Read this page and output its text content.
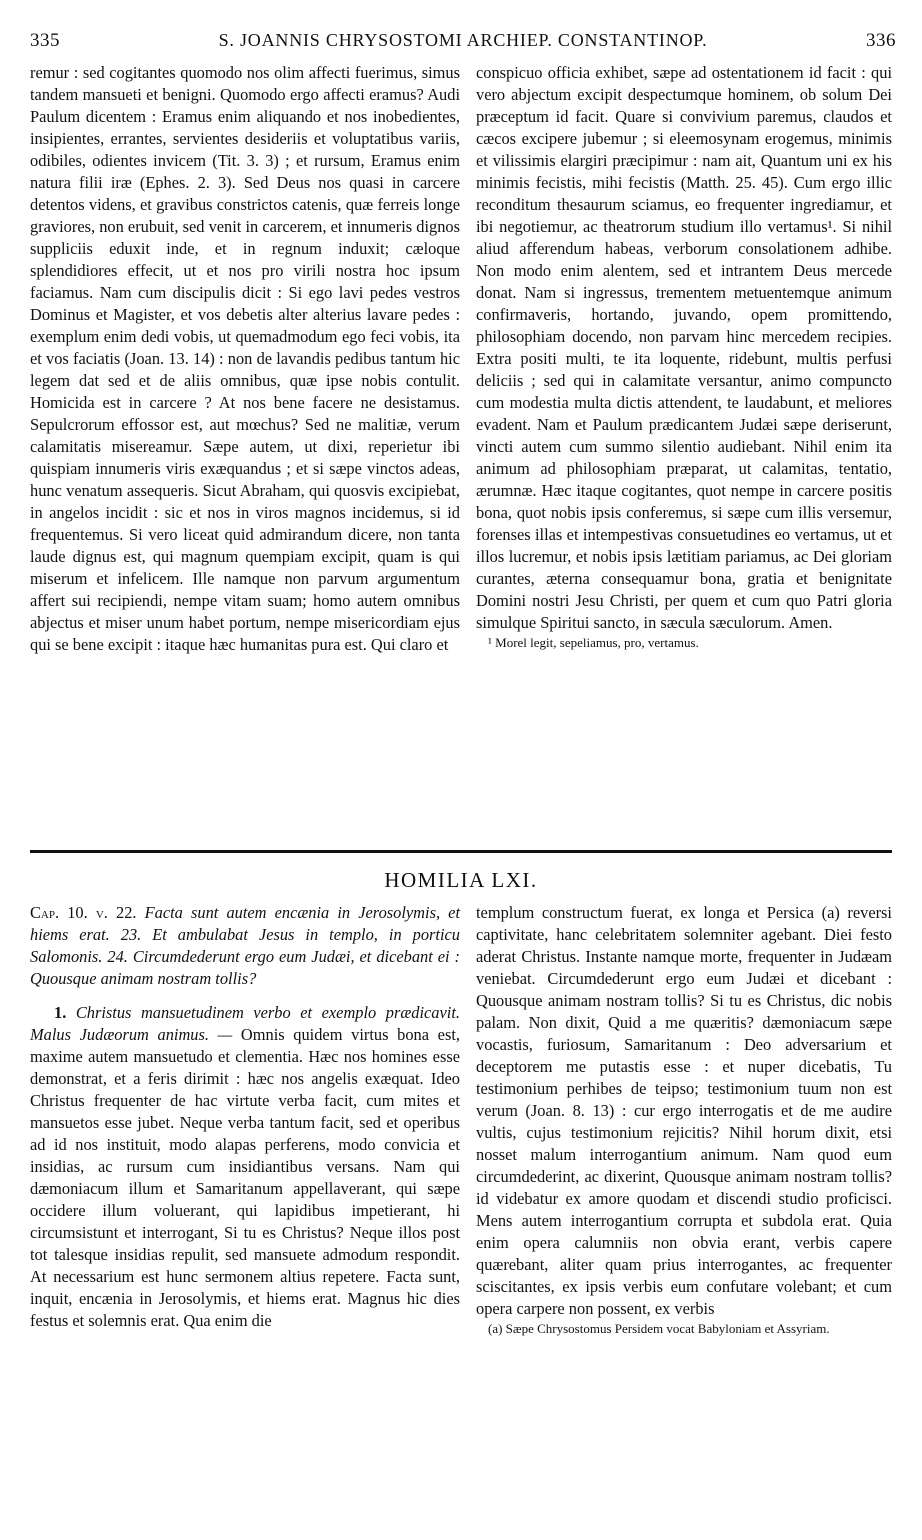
335	S. JOANNIS CHRYSOSTOMI ARCHIEP. CONSTANTINOP.	336

remur : sed cogitantes quomodo nos olim affecti fuerimus, simus tandem mansueti et benigni. Quomodo ergo affecti eramus? Audi Paulum dicentem : Eramus enim aliquando et nos inobedientes, insipientes, errantes, servientes desideriis et voluptatibus variis, odibiles, odientes invicem (Tit. 3. 3) ; et rursum, Eramus enim natura filii iræ (Ephes. 2. 3). Sed Deus nos quasi in carcere detentos videns, et gravibus constrictos catenis, quæ ferreis longe graviores, non erubuit, sed venit in carcerem, et innumeris dignos suppliciis eduxit inde, et in regnum induxit; cæloque splendidiores effecit, ut et nos pro virili nostra hoc ipsum faciamus. Nam cum discipulis dicit : Si ego lavi pedes vestros Dominus et Magister, et vos debetis alter alterius lavare pedes : exemplum enim dedi vobis, ut quemadmodum ego feci vobis, ita et vos faciatis (Joan. 13. 14) : non de lavandis pedibus tantum hic legem dat sed et de aliis omnibus, quæ ipse nobis contulit. Homicida est in carcere ? At nos bene facere ne desistamus. Sepulcrorum effossor est, aut mœchus? Sed ne malitiæ, verum calamitatis misereamur. Sæpe autem, ut dixi, reperietur ibi quispiam innumeris viris exæquandus ; et si sæpe vinctos adeas, hunc venatum assequeris. Sicut Abraham, qui quosvis excipiebat, in angelos incidit : sic et nos in viros magnos incidemus, si id frequentemus. Si vero liceat quid admirandum dicere, non tanta laude dignus est, qui magnum quempiam excipit, quam is qui miserum et infelicem. Ille namque non parvum argumentum affert sui recipiendi, nempe vitam suam; homo autem omnibus abjectus et miser unum habet portum, nempe misericordiam ejus qui se bene excipit : itaque hæc humanitas pura est. Qui claro et

conspicuo officia exhibet, sæpe ad ostentationem id facit : qui vero abjectum excipit despectumque hominem, ob solum Dei præceptum id facit. Quare si convivium paremus, claudos et cæcos excipere jubemur ; si eleemosynam erogemus, minimis et vilissimis elargiri præcipimur : nam ait, Quantum uni ex his minimis fecistis, mihi fecistis (Matth. 25. 45). Cum ergo illic reconditum thesaurum sciamus, eo frequenter ingrediamur, et ibi negotiemur, ac theatrorum studium illo vertamus¹. Si nihil aliud afferendum habeas, verborum consolationem adhibe. Non modo enim alentem, sed et intrantem Deus mercede donat. Nam si ingressus, trementem metuentemque animum confirmaveris, hortando, juvando, opem promittendo, philosophiam docendo, non parvam hinc mercedem recipies. Extra positi multi, te ita loquente, ridebunt, multis perfusi deliciis ; sed qui in calamitate versantur, animo compuncto cum modestia multa dictis attendent, te laudabunt, et meliores evadent. Nam et Paulum prædicantem Judæi sæpe deriserunt, vincti autem cum summo silentio audiebant. Nihil enim ita animum ad philosophiam præparat, ut calamitas, tentatio, ærumnæ. Hæc itaque cogitantes, quot nempe in carcere positis bona, quot nobis ipsis conferemus, si sæpe cum illis versemur, forenses illas et intempestivas consuetudines eo vertamus, ut et illos lucremur, et nobis ipsis lætitiam pariamus, ac Dei gloriam curantes, æterna consequamur bona, gratia et benignitate Domini nostri Jesu Christi, per quem et cum quo Patri gloria simulque Spiritui sancto, in sæcula sæculorum. Amen.

¹ Morel legit, sepeliamus, pro, vertamus.

HOMILIA LXI.

Cap. 10. v. 22. Facta sunt autem encænia in Jerosolymis, et hiems erat. 23. Et ambulabat Jesus in templo, in porticu Salomonis. 24. Circumdederunt ergo eum Judæi, et dicebant ei : Quousque animam nostram tollis?

1. Christus mansuetudinem verbo et exemplo prædicavit. Malus Judæorum animus. — Omnis quidem virtus bona est, maxime autem mansuetudo et clementia. Hæc nos homines esse demonstrat, et a feris dirimit : hæc nos angelis exæquat. Ideo Christus frequenter de hac virtute verba facit, cum mites et mansuetos esse jubet. Neque verba tantum facit, sed et operibus ad id nos instituit, modo alapas perferens, modo convicia et insidias, ac rursum cum insidiantibus versans. Nam qui dæmoniacum illum et Samaritanum appellaverant, qui sæpe occidere illum voluerant, qui lapidibus impetierant, hi circumsistunt et interrogant, Si tu es Christus? Neque illos post tot talesque insidias repulit, sed mansuete admodum respondit. At necessarium est hunc sermonem altius repetere. Facta sunt, inquit, encænia in Jerosolymis, et hiems erat. Magnus hic dies festus et solemnis erat. Qua enim die

templum constructum fuerat, ex longa et Persica (a) reversi captivitate, hanc celebritatem solemniter agebant. Diei festo aderat Christus. Instante namque morte, frequenter in Judæam veniebat. Circumdederunt ergo eum Judæi et dicebant : Quousque animam nostram tollis? Si tu es Christus, dic nobis palam. Non dixit, Quid a me quæritis? dæmoniacum sæpe vocastis, furiosum, Samaritanum : Deo adversarium et deceptorem me putastis esse : et nuper dicebatis, Tu testimonium perhibes de teipso; testimonium tuum non est verum (Joan. 8. 13) : cur ergo interrogatis et de me audire vultis, cujus testimonium rejicitis? Nihil horum dixit, etsi nosset malum interrogantium animum. Nam quod eum circumdederint, ac dixerint, Quousque animam nostram tollis? id videbatur ex amore quodam et discendi studio proficisci. Mens autem interrogantium corrupta et subdola erat. Quia enim opera calumniis non obvia erant, verbis capere quærebant, aliter quam prius interrogantes, ac frequenter sciscitantes, ex ipsis verbis eum confutare volebant; et cum opera carpere non possent, ex verbis

(a) Sæpe Chrysostomus Persidem vocat Babyloniam et Assyriam.
